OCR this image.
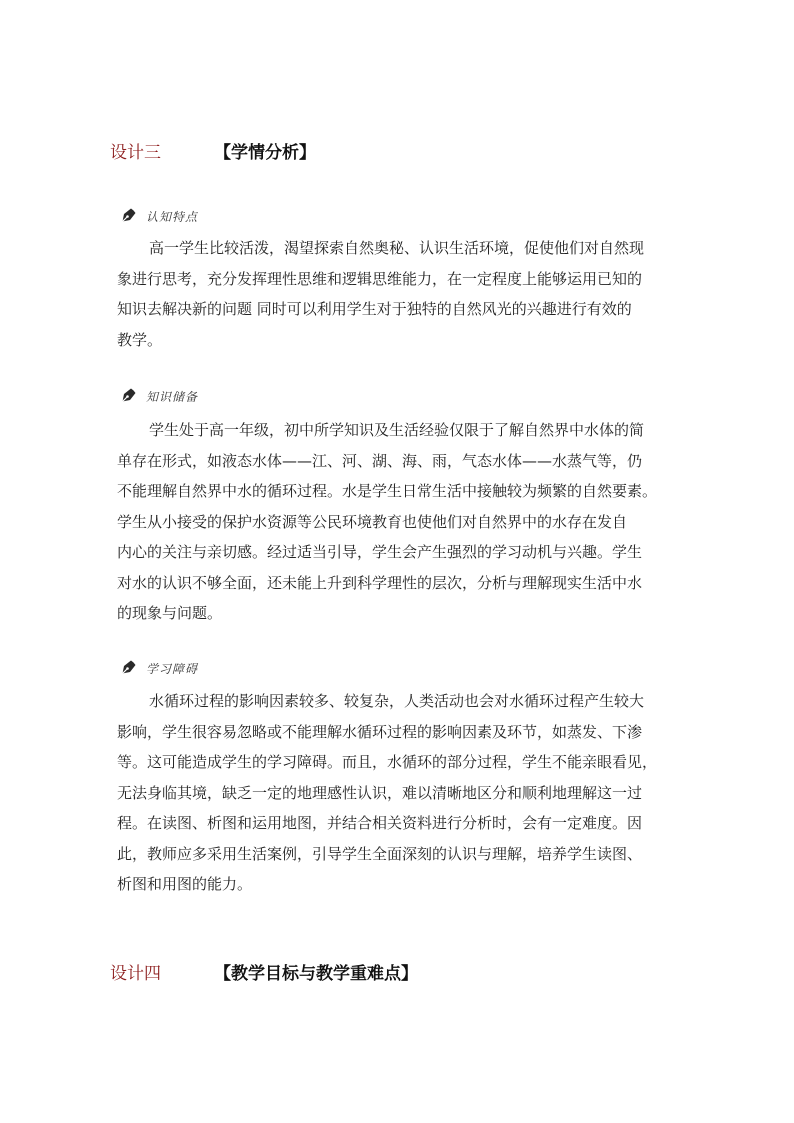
设计三	【学情分析】
认知特点
高一学生比较活泼，渴望探索自然奥秘、认识生活环境，促使他们对自然现
象进行思考，充分发挥理性思维和逻辑思维能力，在一定程度上能够运用已知的
知识去解决新的问题 同时可以利用学生对于独特的自然风光的兴趣进行有效的
教学。
知识储备
学生处于高一年级，初中所学知识及生活经验仅限于了解自然界中水体的简
单存在形式，如液态水体——江、河、湖、海、雨，气态水体——水蒸气等，仍
不能理解自然界中水的循环过程。水是学生日常生活中接触较为频繁的自然要素。
学生从小接受的保护水资源等公民环境教育也使他们对自然界中的水存在发自
内心的关注与亲切感。经过适当引导，学生会产生强烈的学习动机与兴趣。学生
对水的认识不够全面，还未能上升到科学理性的层次，分析与理解现实生活中水
的现象与问题。
学习障碍
水循环过程的影响因素较多、较复杂，人类活动也会对水循环过程产生较大
影响，学生很容易忽略或不能理解水循环过程的影响因素及环节，如蒸发、下渗
等。这可能造成学生的学习障碍。而且，水循环的部分过程，学生不能亲眼看见，
无法身临其境，缺乏一定的地理感性认识，难以清晰地区分和顺利地理解这一过
程。在读图、析图和运用地图，并结合相关资料进行分析时，会有一定难度。因
此，教师应多采用生活案例，引导学生全面深刻的认识与理解，培养学生读图、
析图和用图的能力。
设计四	【教学目标与教学重难点】
